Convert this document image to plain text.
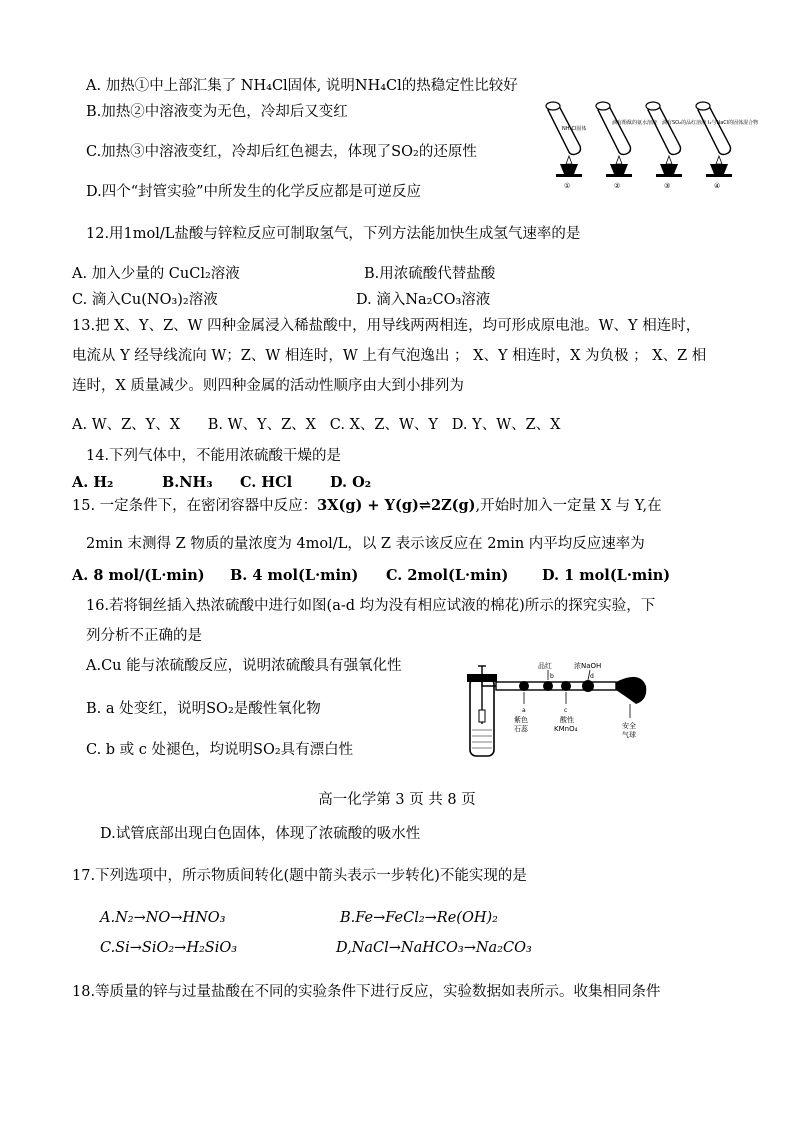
A. 加热①中上部汇集了 NH₄Cl固体, 说明NH₄Cl的热稳定性比较好
B.加热②中溶液变为无色，冷却后又变红
C.加热③中溶液变红，冷却后红色褪去，体现了SO₂的还原性
D.四个“封管实验”中所发生的化学反应都是可逆反应
NH₄Cl固体
①
滴有酚酞的氨水溶液
②
滴有SO₂的品红溶液
③
I₂与NaCl的固体混合物
④
12.用1mol/L盐酸与锌粒反应可制取氢气，下列方法能加快生成氢气速率的是
A. 加入少量的 CuCl₂溶液	B.用浓硫酸代替盐酸
C. 滴入Cu(NO₃)₂溶液	D. 滴入Na₂CO₃溶液
13.把 X、Y、Z、W 四种金属浸入稀盐酸中，用导线两两相连，均可形成原电池。W、Y 相连时，
电流从 Y 经导线流向 W；Z、W 相连时，W 上有气泡逸出 ； X、Y 相连时，X 为负极 ； X、Z 相
连时，X 质量减少。则四种金属的活动性顺序由大到小排列为
A. W、Z、Y、X      B. W、Y、Z、X   C. X、Z、W、Y   D. Y、W、Z、X
14.下列气体中，不能用浓硫酸干燥的是
A. H₂	B.NH₃ C. HCl	D. O₂
15. 一定条件下，在密闭容器中反应：3X(g) + Y(g)⇌2Z(g),开始时加入一定量 X 与 Y,在
2min 末测得 Z 物质的量浓度为 4mol/L，以 Z 表示该反应在 2min 内平均反应速率为
A. 8 mol/(L·min) B. 4 mol(L·min) C. 2mol(L·min) D. 1 mol(L·min)
16.若将铜丝插入热浓硫酸中进行如图(a-d 均为没有相应试液的棉花)所示的探究实验，下
列分析不正确的是
A.Cu 能与浓硫酸反应，说明浓硫酸具有强氧化性
B. a 处变红，说明SO₂是酸性氧化物
C. b 或 c 处褪色，均说明SO₂具有漂白性
品红	浓NaOH
a
b
c
d
紫色石蕊
酸性 KMnO₄	安全气球
高一化学第 3 页 共 8 页
D.试管底部出现白色固体，体现了浓硫酸的吸水性
17.下列选项中，所示物质间转化(题中箭头表示一步转化)不能实现的是
A.N₂→NO→HNO₃	B.Fe→FeCl₂→Re(OH)₂
C.Si→SiO₂→H₂SiO₃	D,NaCl→NaHCO₃→Na₂CO₃
18.等质量的锌与过量盐酸在不同的实验条件下进行反应，实验数据如表所示。收集相同条件
